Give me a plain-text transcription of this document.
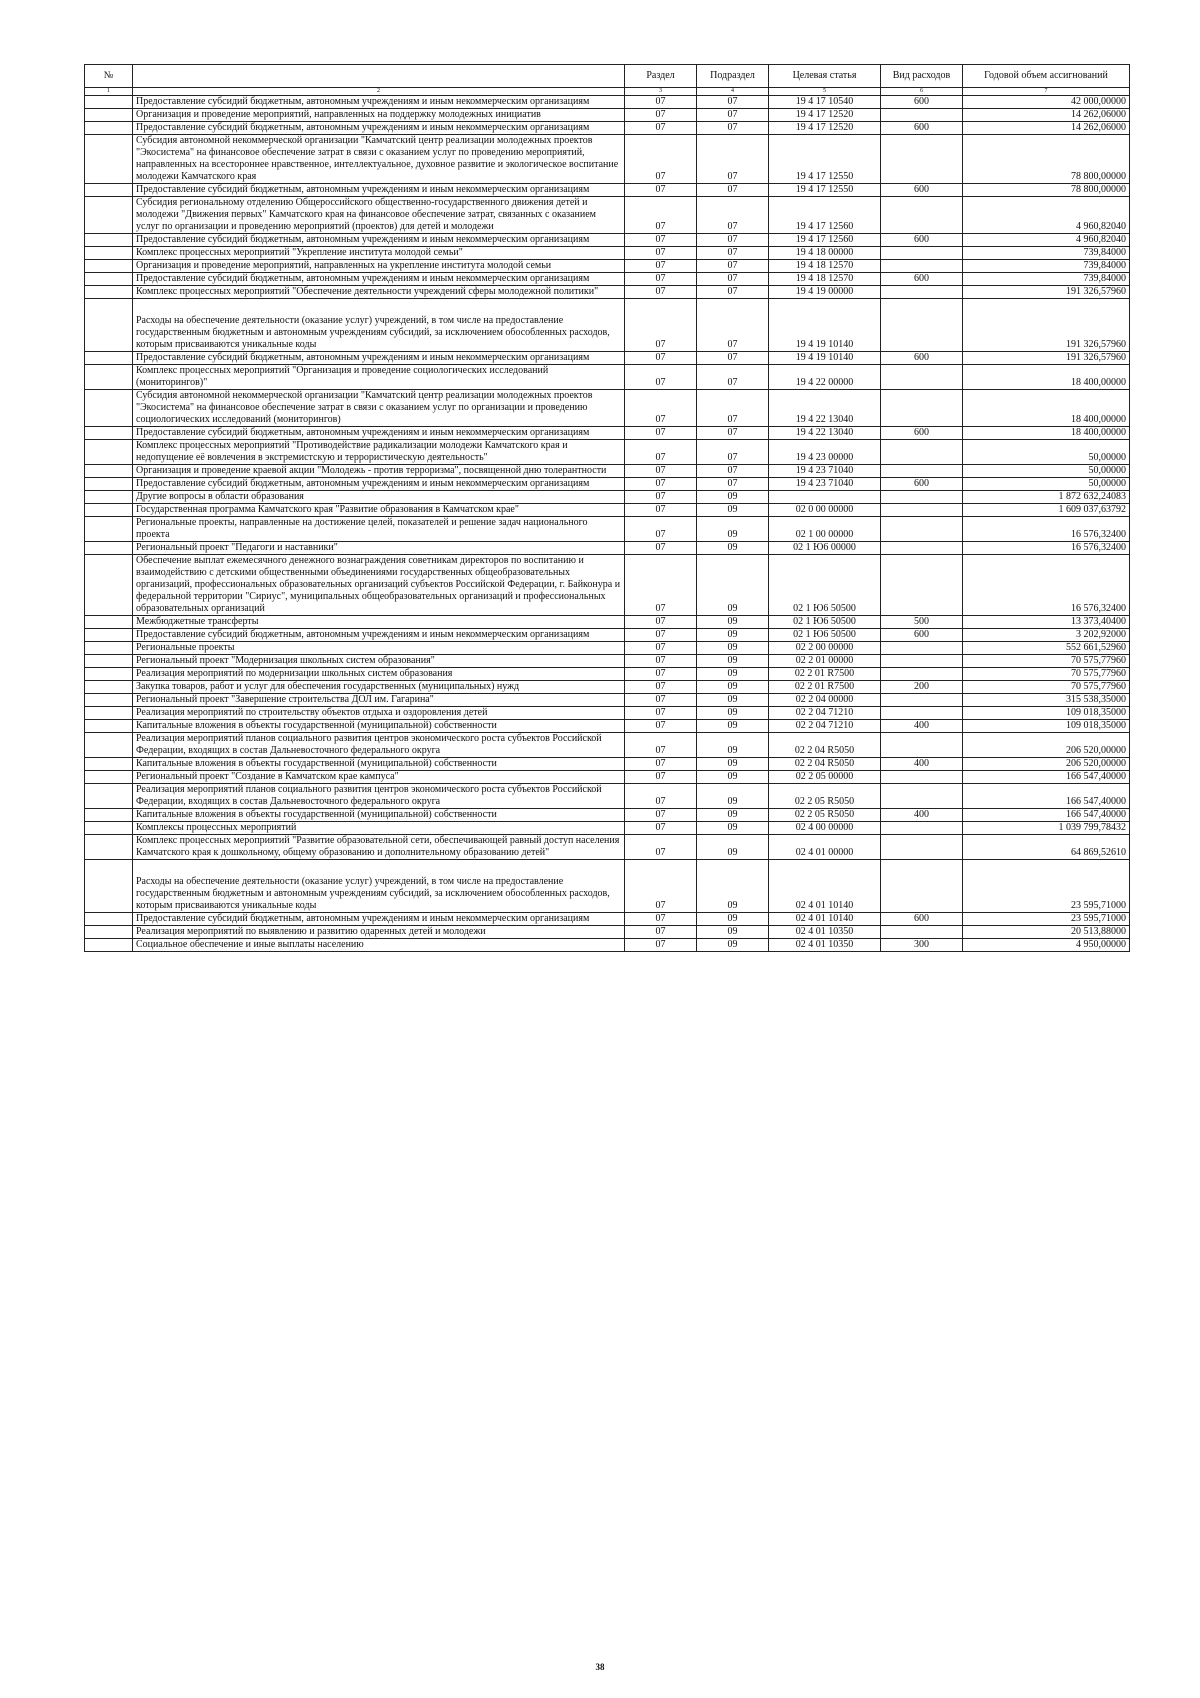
№		Раздел	Подраздел	Целевая статья	Вид расходов	Годовой объем ассигнований
1	2	3	4	5	6	7
	Предоставление субсидий бюджетным, автономным учреждениям и иным некоммерческим организациям	07	07	19 4 17 10540	600	42 000,00000
	Организация и проведение мероприятий, направленных на поддержку молодежных инициатив	07	07	19 4 17 12520		14 262,06000
	Предоставление субсидий бюджетным, автономным учреждениям и иным некоммерческим организациям	07	07	19 4 17 12520	600	14 262,06000
	Субсидия автономной некоммерческой организации "Камчатский центр реализации молодежных проектов "Экосистема" на финансовое обеспечение затрат в связи с оказанием услуг по проведению мероприятий, направленных на всестороннее нравственное, интеллектуальное, духовное развитие и экологическое воспитание молодежи Камчатского края	07	07	19 4 17 12550		78 800,00000
	Предоставление субсидий бюджетным, автономным учреждениям и иным некоммерческим организациям	07	07	19 4 17 12550	600	78 800,00000
	Субсидия регионaльному отделению Общероссийского общественно-государственного движения детей и молодежи "Движения первых" Камчатского края на финансовое обеспечение затрат, связанных с оказанием услуг по организации и проведению мероприятий (проектов) для детей и молодежи	07	07	19 4 17 12560		4 960,82040
	Предоставление субсидий бюджетным, автономным учреждениям и иным некоммерческим организациям	07	07	19 4 17 12560	600	4 960,82040
	Комплекс процессных мероприятий "Укрепление института молодой семьи"	07	07	19 4 18 00000		739,84000
	Организация и проведение мероприятий, направленных на укрепление института молодой семьи	07	07	19 4 18 12570		739,84000
	Предоставление субсидий бюджетным, автономным учреждениям и иным некоммерческим организациям	07	07	19 4 18 12570	600	739,84000
	Комплекс процессных мероприятий "Обеспечение деятельности учреждений сферы молодежной политики"	07	07	19 4 19 00000		191 326,57960
	Расходы на обеспечение деятельности (оказание услуг) учреждений, в том числе на предоставление государственным бюджетным и автономным учреждениям субсидий, за исключением обособленных расходов, которым присваиваются уникальные коды	07	07	19 4 19 10140		191 326,57960
	Предоставление субсидий бюджетным, автономным учреждениям и иным некоммерческим организациям	07	07	19 4 19 10140	600	191 326,57960
	Комплекс процессных мероприятий "Организация и проведение социологических исследований (мониторингов)"	07	07	19 4 22 00000		18 400,00000
	Субсидия автономной некоммерческой организации "Камчатский центр реализации молодежных проектов "Экосистема" на финансовое обеспечение затрат в связи с оказанием услуг по организации и проведению социологических исследований (мониторингов)	07	07	19 4 22 13040		18 400,00000
	Предоставление субсидий бюджетным, автономным учреждениям и иным некоммерческим организациям	07	07	19 4 22 13040	600	18 400,00000
	Комплекс процессных мероприятий "Противодействие радикализации молодежи Камчатского края и недопущение её вовлечения в экстремистскую и террористическую деятельность"	07	07	19 4 23 00000		50,00000
	Организация и проведение краевой акции "Молодежь - против терроризма", посвященной дню толерантности	07	07	19 4 23 71040		50,00000
	Предоставление субсидий бюджетным, автономным учреждениям и иным некоммерческим организациям	07	07	19 4 23 71040	600	50,00000
	Другие вопросы в области образования	07	09			1 872 632,24083
	Государственная программа Камчатского края "Развитие образования в Камчатском крае"	07	09	02 0 00 00000		1 609 037,63792
	Региональные проекты, направленные на достижение целей, показателей и решение задач национального проекта	07	09	02 1 00 00000		16 576,32400
	Региональный проект "Педагоги и наставники"	07	09	02 1 Ю6 00000		16 576,32400
	Обеспечение выплат ежемесячного денежного вознаграждения советникам директоров по воспитанию и взаимодействию с детскими общественными объединениями государственных общеобразовательных организаций, профессиональных образовательных организаций субъектов Российской Федерации, г. Байконура и федеральной территории "Сириус", муниципальных общеобразовательных организаций и профессиональных образовательных организаций	07	09	02 1 Ю6 50500		16 576,32400
	Межбюджетные трансферты	07	09	02 1 Ю6 50500	500	13 373,40400
	Предоставление субсидий бюджетным, автономным учреждениям и иным некоммерческим организациям	07	09	02 1 Ю6 50500	600	3 202,92000
	Региональные проекты	07	09	02 2 00 00000		552 661,52960
	Региональный проект "Модернизация школьных систем образования"	07	09	02 2 01 00000		70 575,77960
	Реализация мероприятий по модернизации школьных систем образования	07	09	02 2 01 R7500		70 575,77960
	Закупка товаров, работ и услуг для обеспечения государственных (муниципальных) нужд	07	09	02 2 01 R7500	200	70 575,77960
	Региональный проект "Завершение строительства ДОЛ им. Гагарина"	07	09	02 2 04 00000		315 538,35000
	Реализация мероприятий по строительству объектов отдыха и оздоровления детей	07	09	02 2 04 71210		109 018,35000
	Капитальные вложения в объекты государственной (муниципальной) собственности	07	09	02 2 04 71210	400	109 018,35000
	Реализация мероприятий планов социального развития центров экономического роста субъектов Российской Федерации, входящих в состав Дальневосточного федерального округа	07	09	02 2 04 R5050		206 520,00000
	Капитальные вложения в объекты государственной (муниципальной) собственности	07	09	02 2 04 R5050	400	206 520,00000
	Региональный проект "Создание в Камчатском крае кампуса"	07	09	02 2 05 00000		166 547,40000
	Реализация мероприятий планов социального развития центров экономического роста субъектов Российской Федерации, входящих в состав Дальневосточного федерального округа	07	09	02 2 05 R5050		166 547,40000
	Капитальные вложения в объекты государственной (муниципальной) собственности	07	09	02 2 05 R5050	400	166 547,40000
	Комплексы процессных мероприятий	07	09	02 4 00 00000		1 039 799,78432
	Комплекс процессных мероприятий "Развитие образовательной сети, обеспечивающей равный доступ населения Камчатского края к дошкольному, общему образованию и дополнительному образованию детей"	07	09	02 4 01 00000		64 869,52610
	Расходы на обеспечение деятельности (оказание услуг) учреждений, в том числе на предоставление государственным бюджетным и автономным учреждениям субсидий, за исключением обособленных расходов, которым присваиваются уникальные коды	07	09	02 4 01 10140		23 595,71000
	Предоставление субсидий бюджетным, автономным учреждениям и иным некоммерческим организациям	07	09	02 4 01 10140	600	23 595,71000
	Реализация мероприятий по выявлению и развитию одаренных детей и молодежи	07	09	02 4 01 10350		20 513,88000
	Социальное обеспечение и иные выплаты населению	07	09	02 4 01 10350	300	4 950,00000
38
